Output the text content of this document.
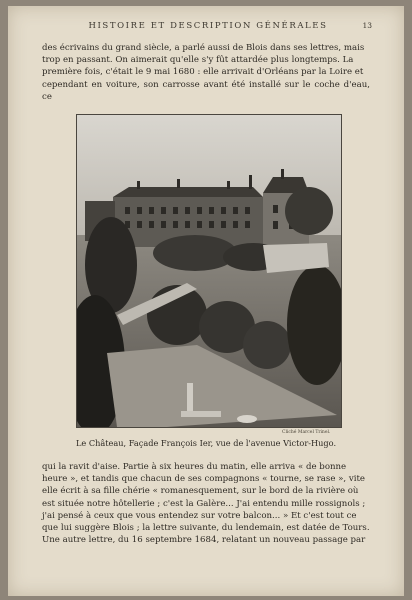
HISTOIRE ET DESCRIPTION GÉNÉRALES	13
des écrivains du grand siècle, a parlé aussi de Blois dans ses lettres, mais
trop en passant. On aimerait qu'elle s'y fût attardée plus longtemps. La
première fois, c'était le 9 mai 1680 : elle arrivait d'Orléans par la Loire et
cependant en voiture, son carrosse avant été installé sur le coche d'eau, ce
Cliché Marcel Trinel.
Le Château, Façade François Ier, vue de l'avenue Victor-Hugo.
qui la ravit d'aise. Partie à six heures du matin, elle arriva « de bonne
heure », et tandis que chacun de ses compagnons « tourne, se rase », vite
elle écrit à sa fille chérie « romanesquement, sur le bord de la rivière où
est située notre hôtellerie ; c'est la Galère... J'ai entendu mille rossignols ;
j'ai pensé à ceux que vous entendez sur votre balcon... » Et c'est tout ce
que lui suggère Blois ; la lettre suivante, du lendemain, est datée de Tours.
Une autre lettre, du 16 septembre 1684, relatant un nouveau passage par
